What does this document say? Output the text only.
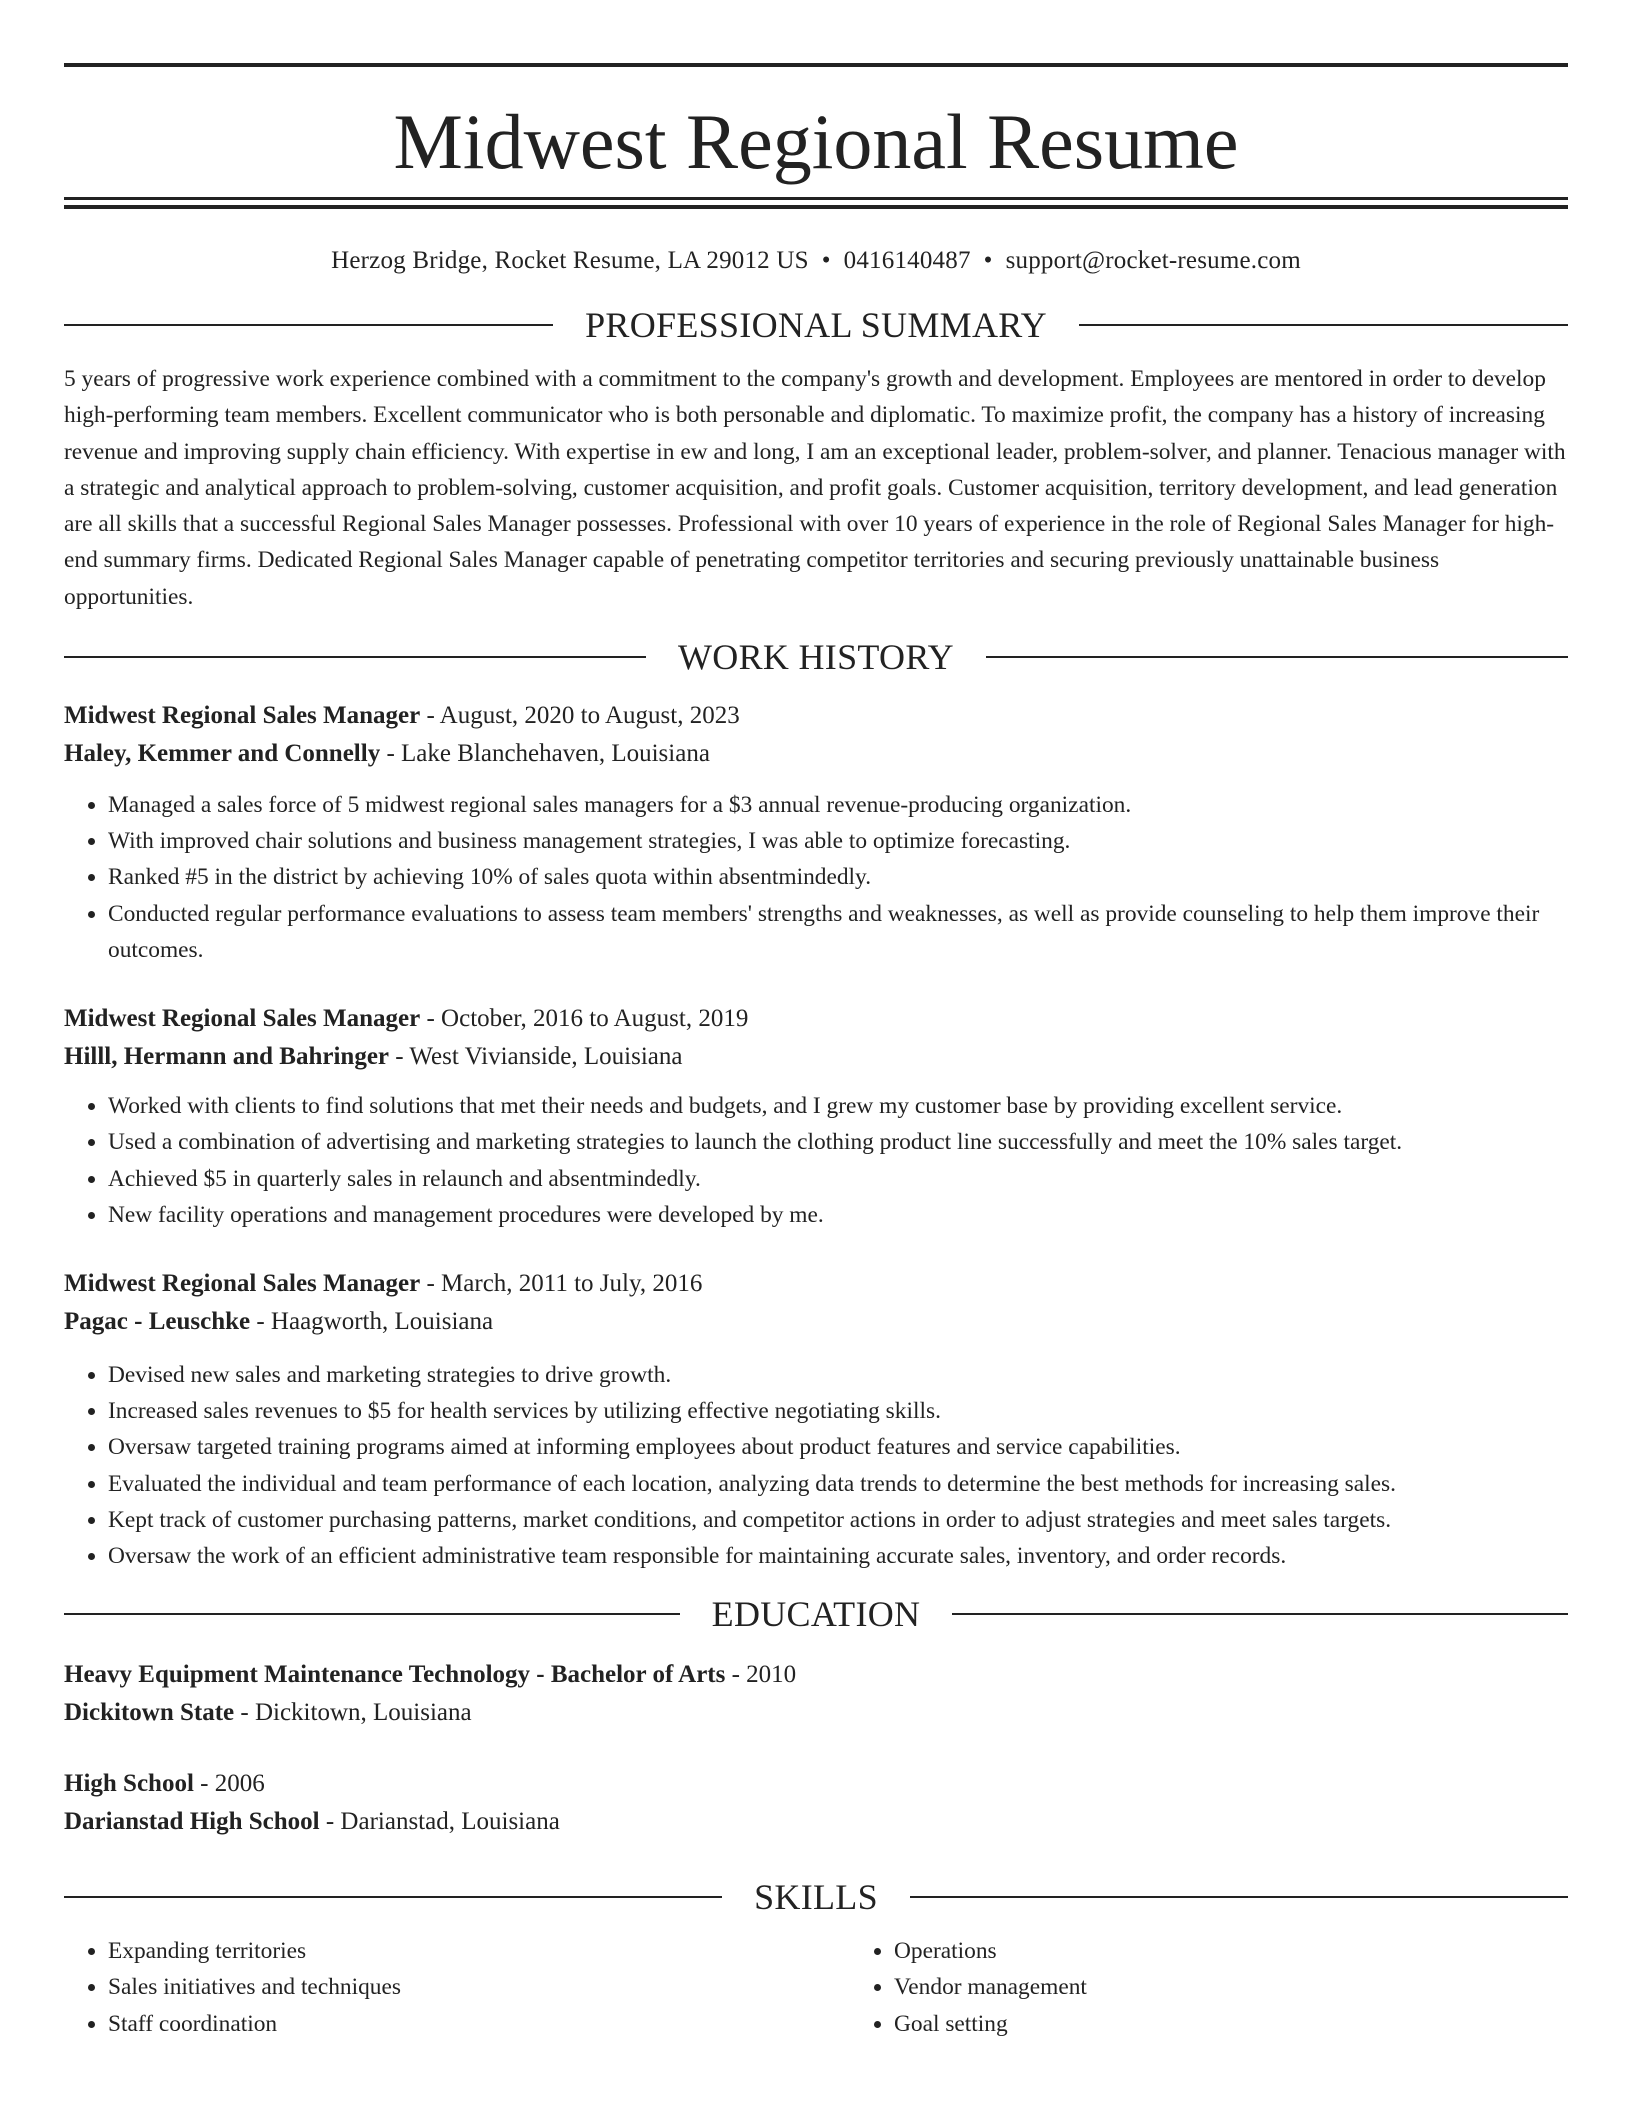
Midwest Regional Resume
Herzog Bridge, Rocket Resume, LA 29012 US • 0416140487 • support@rocket-resume.com
PROFESSIONAL SUMMARY

5 years of progressive work experience combined with a commitment to the company's growth and development. Employees are mentored in order to develop high-performing team members. Excellent communicator who is both personable and diplomatic. To maximize profit, the company has a history of increasing revenue and improving supply chain efficiency. With expertise in ew and long, I am an exceptional leader, problem-solver, and planner. Tenacious manager with a strategic and analytical approach to problem-solving, customer acquisition, and profit goals. Customer acquisition, territory development, and lead generation are all skills that a successful Regional Sales Manager possesses. Professional with over 10 years of experience in the role of Regional Sales Manager for high-end summary firms. Dedicated Regional Sales Manager capable of penetrating competitor territories and securing previously unattainable business opportunities.

WORK HISTORY
Midwest Regional Sales Manager - August, 2020 to August, 2023
Haley, Kemmer and Connelly - Lake Blanchehaven, Louisiana
• Managed a sales force of 5 midwest regional sales managers for a $3 annual revenue-producing organization.
• With improved chair solutions and business management strategies, I was able to optimize forecasting.
• Ranked #5 in the district by achieving 10% of sales quota within absentmindedly.
• Conducted regular performance evaluations to assess team members' strengths and weaknesses, as well as provide counseling to help them improve their outcomes.
Midwest Regional Sales Manager - October, 2016 to August, 2019
Hilll, Hermann and Bahringer - West Vivianside, Louisiana
• Worked with clients to find solutions that met their needs and budgets, and I grew my customer base by providing excellent service.
• Used a combination of advertising and marketing strategies to launch the clothing product line successfully and meet the 10% sales target.
• Achieved $5 in quarterly sales in relaunch and absentmindedly.
• New facility operations and management procedures were developed by me.
Midwest Regional Sales Manager - March, 2011 to July, 2016
Pagac - Leuschke - Haagworth, Louisiana
• Devised new sales and marketing strategies to drive growth.
• Increased sales revenues to $5 for health services by utilizing effective negotiating skills.
• Oversaw targeted training programs aimed at informing employees about product features and service capabilities.
• Evaluated the individual and team performance of each location, analyzing data trends to determine the best methods for increasing sales.
• Kept track of customer purchasing patterns, market conditions, and competitor actions in order to adjust strategies and meet sales targets.
• Oversaw the work of an efficient administrative team responsible for maintaining accurate sales, inventory, and order records.
EDUCATION
Heavy Equipment Maintenance Technology - Bachelor of Arts - 2010
Dickitown State - Dickitown, Louisiana
High School - 2006
Darianstad High School - Darianstad, Louisiana
SKILLS
• Expanding territories
• Sales initiatives and techniques
• Staff coordination
• Operations
• Vendor management
• Goal setting
